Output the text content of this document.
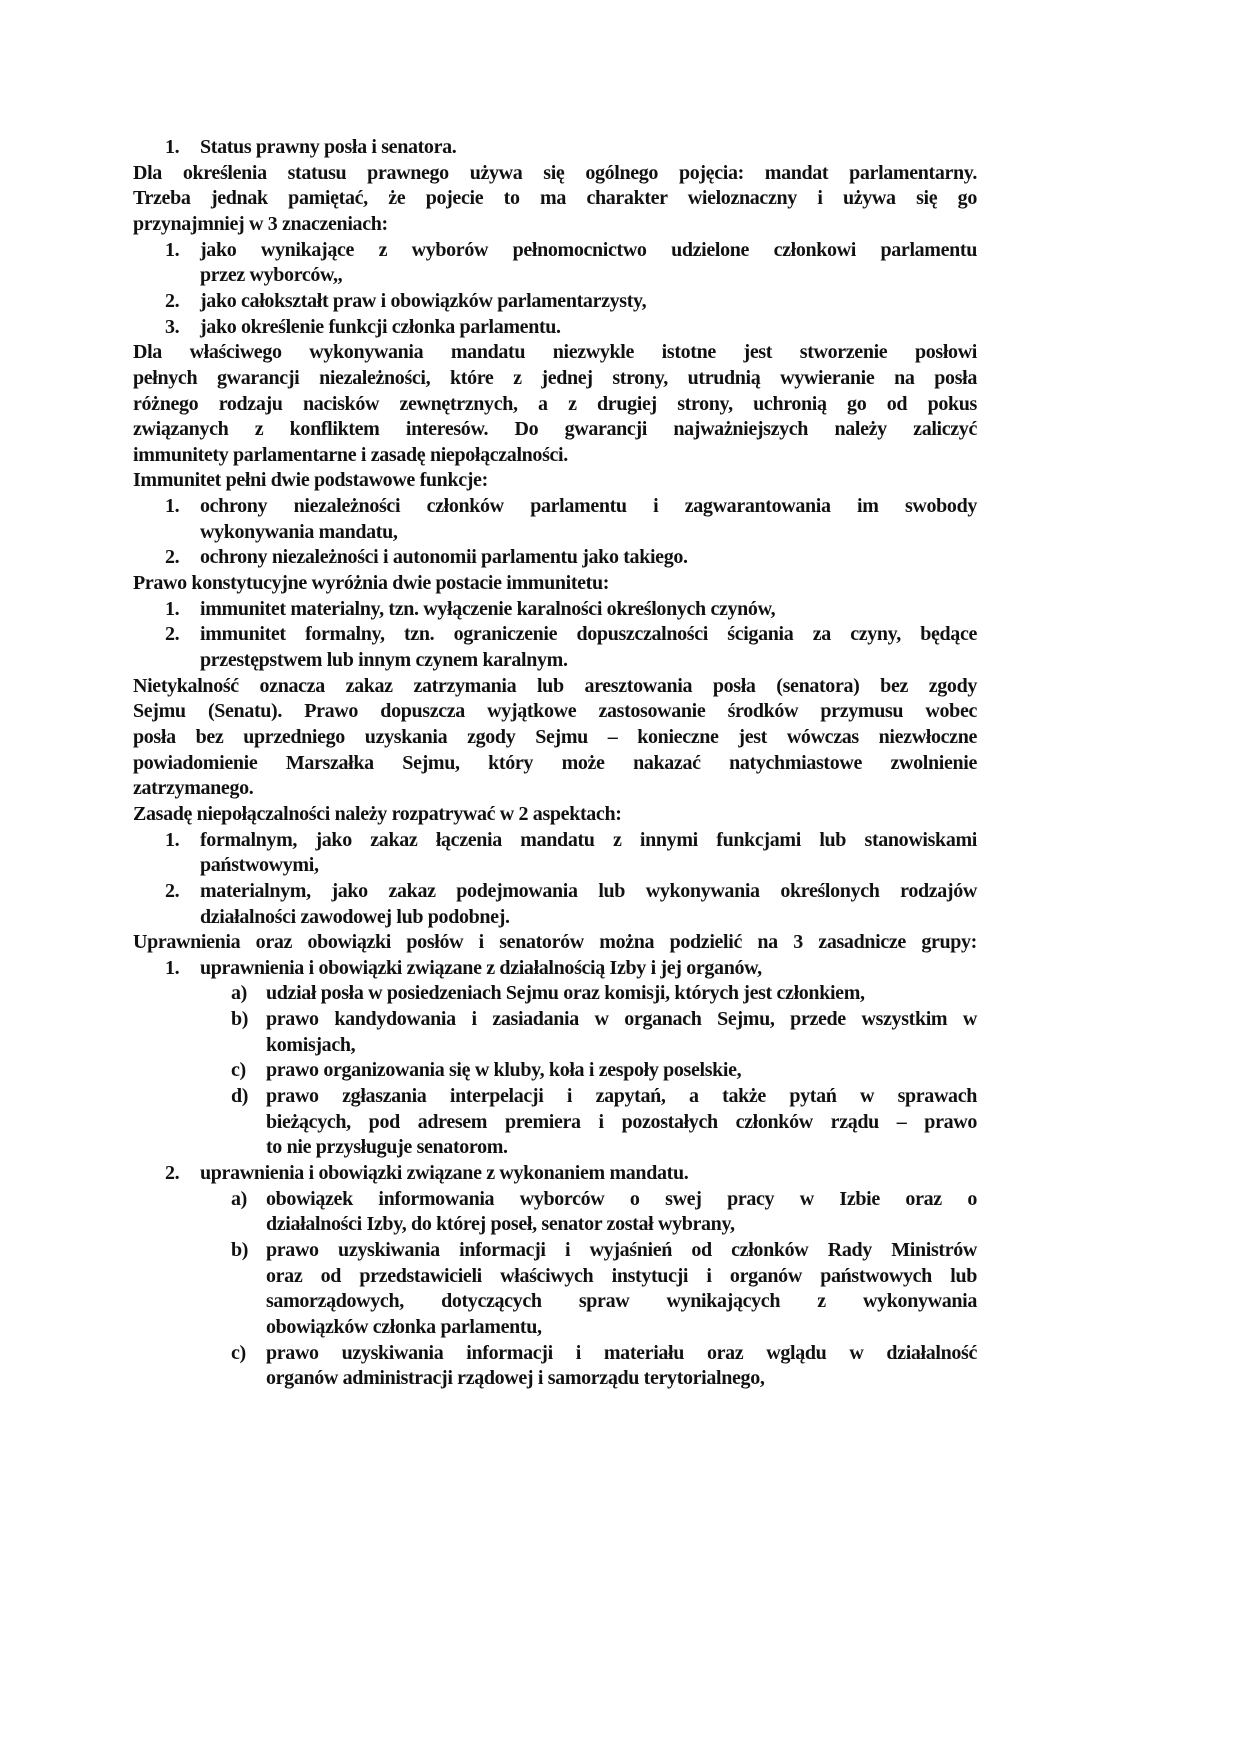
1. Status prawny posła i senatora.
Dla określenia statusu prawnego używa się ogólnego pojęcia: mandat parlamentarny.
Trzeba jednak pamiętać, że pojecie to ma charakter wieloznaczny i używa się go
przynajmniej w 3 znaczeniach:
1. jako wynikające z wyborów pełnomocnictwo udzielone członkowi parlamentu
przez wyborców,,
2. jako całokształt praw i obowiązków parlamentarzysty,
3. jako określenie funkcji członka parlamentu.
Dla właściwego wykonywania mandatu niezwykle istotne jest stworzenie posłowi
pełnych gwarancji niezależności, które z jednej strony, utrudnią wywieranie na posła
różnego rodzaju nacisków zewnętrznych, a z drugiej strony, uchronią go od pokus
związanych z konfliktem interesów. Do gwarancji najważniejszych należy zaliczyć
immunitety parlamentarne i zasadę niepołączalności.
Immunitet pełni dwie podstawowe funkcje:
1. ochrony niezależności członków parlamentu i zagwarantowania im swobody
wykonywania mandatu,
2. ochrony niezależności i autonomii parlamentu jako takiego.
Prawo konstytucyjne wyróżnia dwie postacie immunitetu:
1. immunitet materialny, tzn. wyłączenie karalności określonych czynów,
2. immunitet formalny, tzn. ograniczenie dopuszczalności ścigania za czyny, będące
przestępstwem lub innym czynem karalnym.
Nietykalność oznacza zakaz zatrzymania lub aresztowania posła (senatora) bez zgody
Sejmu (Senatu). Prawo dopuszcza wyjątkowe zastosowanie środków przymusu wobec
posła bez uprzedniego uzyskania zgody Sejmu – konieczne jest wówczas niezwłoczne
powiadomienie Marszałka Sejmu, który może nakazać natychmiastowe zwolnienie
zatrzymanego.
Zasadę niepołączalności należy rozpatrywać w 2 aspektach:
1. formalnym, jako zakaz łączenia mandatu z innymi funkcjami lub stanowiskami
państwowymi,
2. materialnym, jako zakaz podejmowania lub wykonywania określonych rodzajów
działalności zawodowej lub podobnej.
Uprawnienia oraz obowiązki posłów i senatorów można podzielić na 3 zasadnicze grupy:
1. uprawnienia i obowiązki związane z działalnością Izby i jej organów,
a) udział posła w posiedzeniach Sejmu oraz komisji, których jest członkiem,
b) prawo kandydowania i zasiadania w organach Sejmu, przede wszystkim w
komisjach,
c) prawo organizowania się w kluby, koła i zespoły poselskie,
d) prawo zgłaszania interpelacji i zapytań, a także pytań w sprawach
bieżących, pod adresem premiera i pozostałych członków rządu – prawo
to nie przysługuje senatorom.
2. uprawnienia i obowiązki związane z wykonaniem mandatu.
a) obowiązek informowania wyborców o swej pracy w Izbie oraz o
działalności Izby, do której poseł, senator został wybrany,
b) prawo uzyskiwania informacji i wyjaśnień od członków Rady Ministrów
oraz od przedstawicieli właściwych instytucji i organów państwowych lub
samorządowych, dotyczących spraw wynikających z wykonywania
obowiązków członka parlamentu,
c) prawo uzyskiwania informacji i materiału oraz wglądu w działalność
organów administracji rządowej i samorządu terytorialnego,
